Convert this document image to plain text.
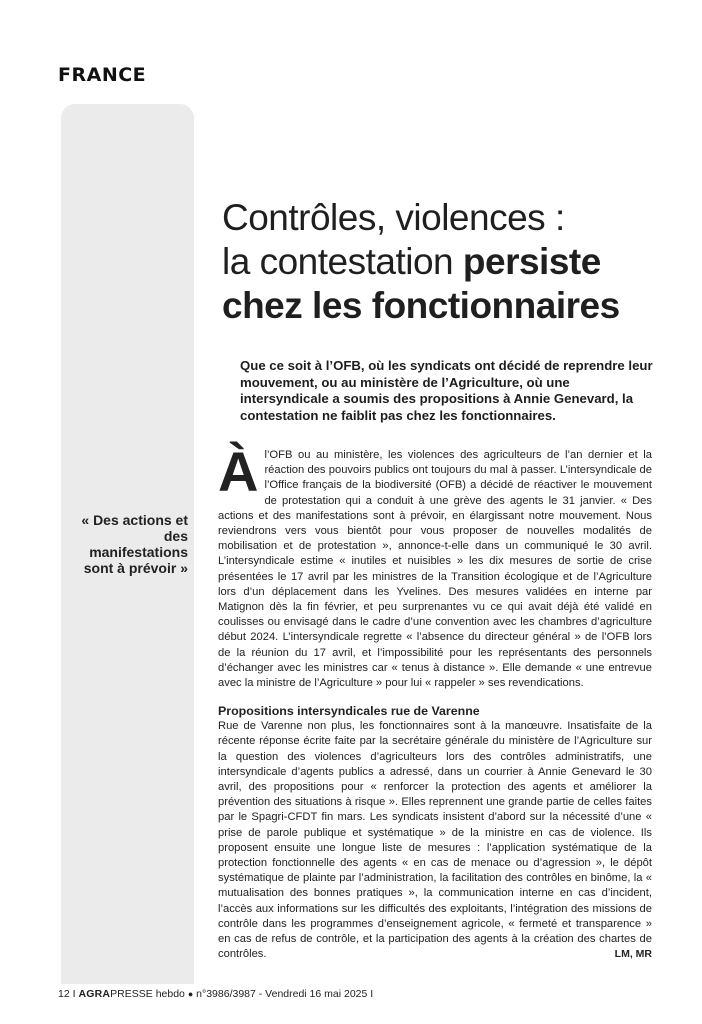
FRANCE
« Des actions et des manifestations sont à prévoir »
Contrôles, violences :
la contestation persiste
chez les fonctionnaires
Que ce soit à l’OFB, où les syndicats ont décidé de reprendre leur mouvement, ou au ministère de l’Agriculture, où une intersyndicale a soumis des propositions à Annie Genevard, la contestation ne faiblit pas chez les fonctionnaires.
À l’OFB ou au ministère, les violences des agriculteurs de l’an dernier et la réaction des pouvoirs publics ont toujours du mal à passer. L’intersyndicale de l’Office français de la biodiversité (OFB) a décidé de réactiver le mouvement de protestation qui a conduit à une grève des agents le 31 janvier. « Des actions et des manifestations sont à prévoir, en élargissant notre mouvement. Nous reviendrons vers vous bientôt pour vous proposer de nouvelles modalités de mobilisation et de protestation », annonce-t-elle dans un communiqué le 30 avril. L’intersyndicale estime « inutiles et nuisibles » les dix mesures de sortie de crise présentées le 17 avril par les ministres de la Transition écologique et de l’Agriculture lors d’un déplacement dans les Yvelines. Des mesures validées en interne par Matignon dès la fin février, et peu surprenantes vu ce qui avait déjà été validé en coulisses ou envisagé dans le cadre d’une convention avec les chambres d’agriculture début 2024. L’intersyndicale regrette « l’absence du directeur général » de l’OFB lors de la réunion du 17 avril, et l’impossibilité pour les représentants des personnels d’échanger avec les ministres car « tenus à distance ». Elle demande « une entrevue avec la ministre de l’Agriculture » pour lui « rappeler » ses revendications.

Propositions intersyndicales rue de Varenne

Rue de Varenne non plus, les fonctionnaires sont à la manœuvre. Insatisfaite de la récente réponse écrite faite par la secrétaire générale du ministère de l’Agriculture sur la question des violences d’agriculteurs lors des contrôles administratifs, une intersyndicale d’agents publics a adressé, dans un courrier à Annie Genevard le 30 avril, des propositions pour « renforcer la protection des agents et améliorer la prévention des situations à risque ». Elles reprennent une grande partie de celles faites par le Spagri-CFDT fin mars. Les syndicats insistent d’abord sur la nécessité d’une « prise de parole publique et systématique » de la ministre en cas de violence. Ils proposent ensuite une longue liste de mesures : l’application systématique de la protection fonctionnelle des agents « en cas de menace ou d’agression », le dépôt systématique de plainte par l’administration, la facilitation des contrôles en binôme, la « mutualisation des bonnes pratiques », la communication interne en cas d’incident, l’accès aux informations sur les difficultés des exploitants, l’intégration des missions de contrôle dans les programmes d’enseignement agricole, « fermeté et transparence » en cas de refus de contrôle, et la participation des agents à la création des chartes de contrôles.	LM, MR

12 I AGRAPRESSE hebdo ● n°3986/3987 - Vendredi 16 mai 2025 I
